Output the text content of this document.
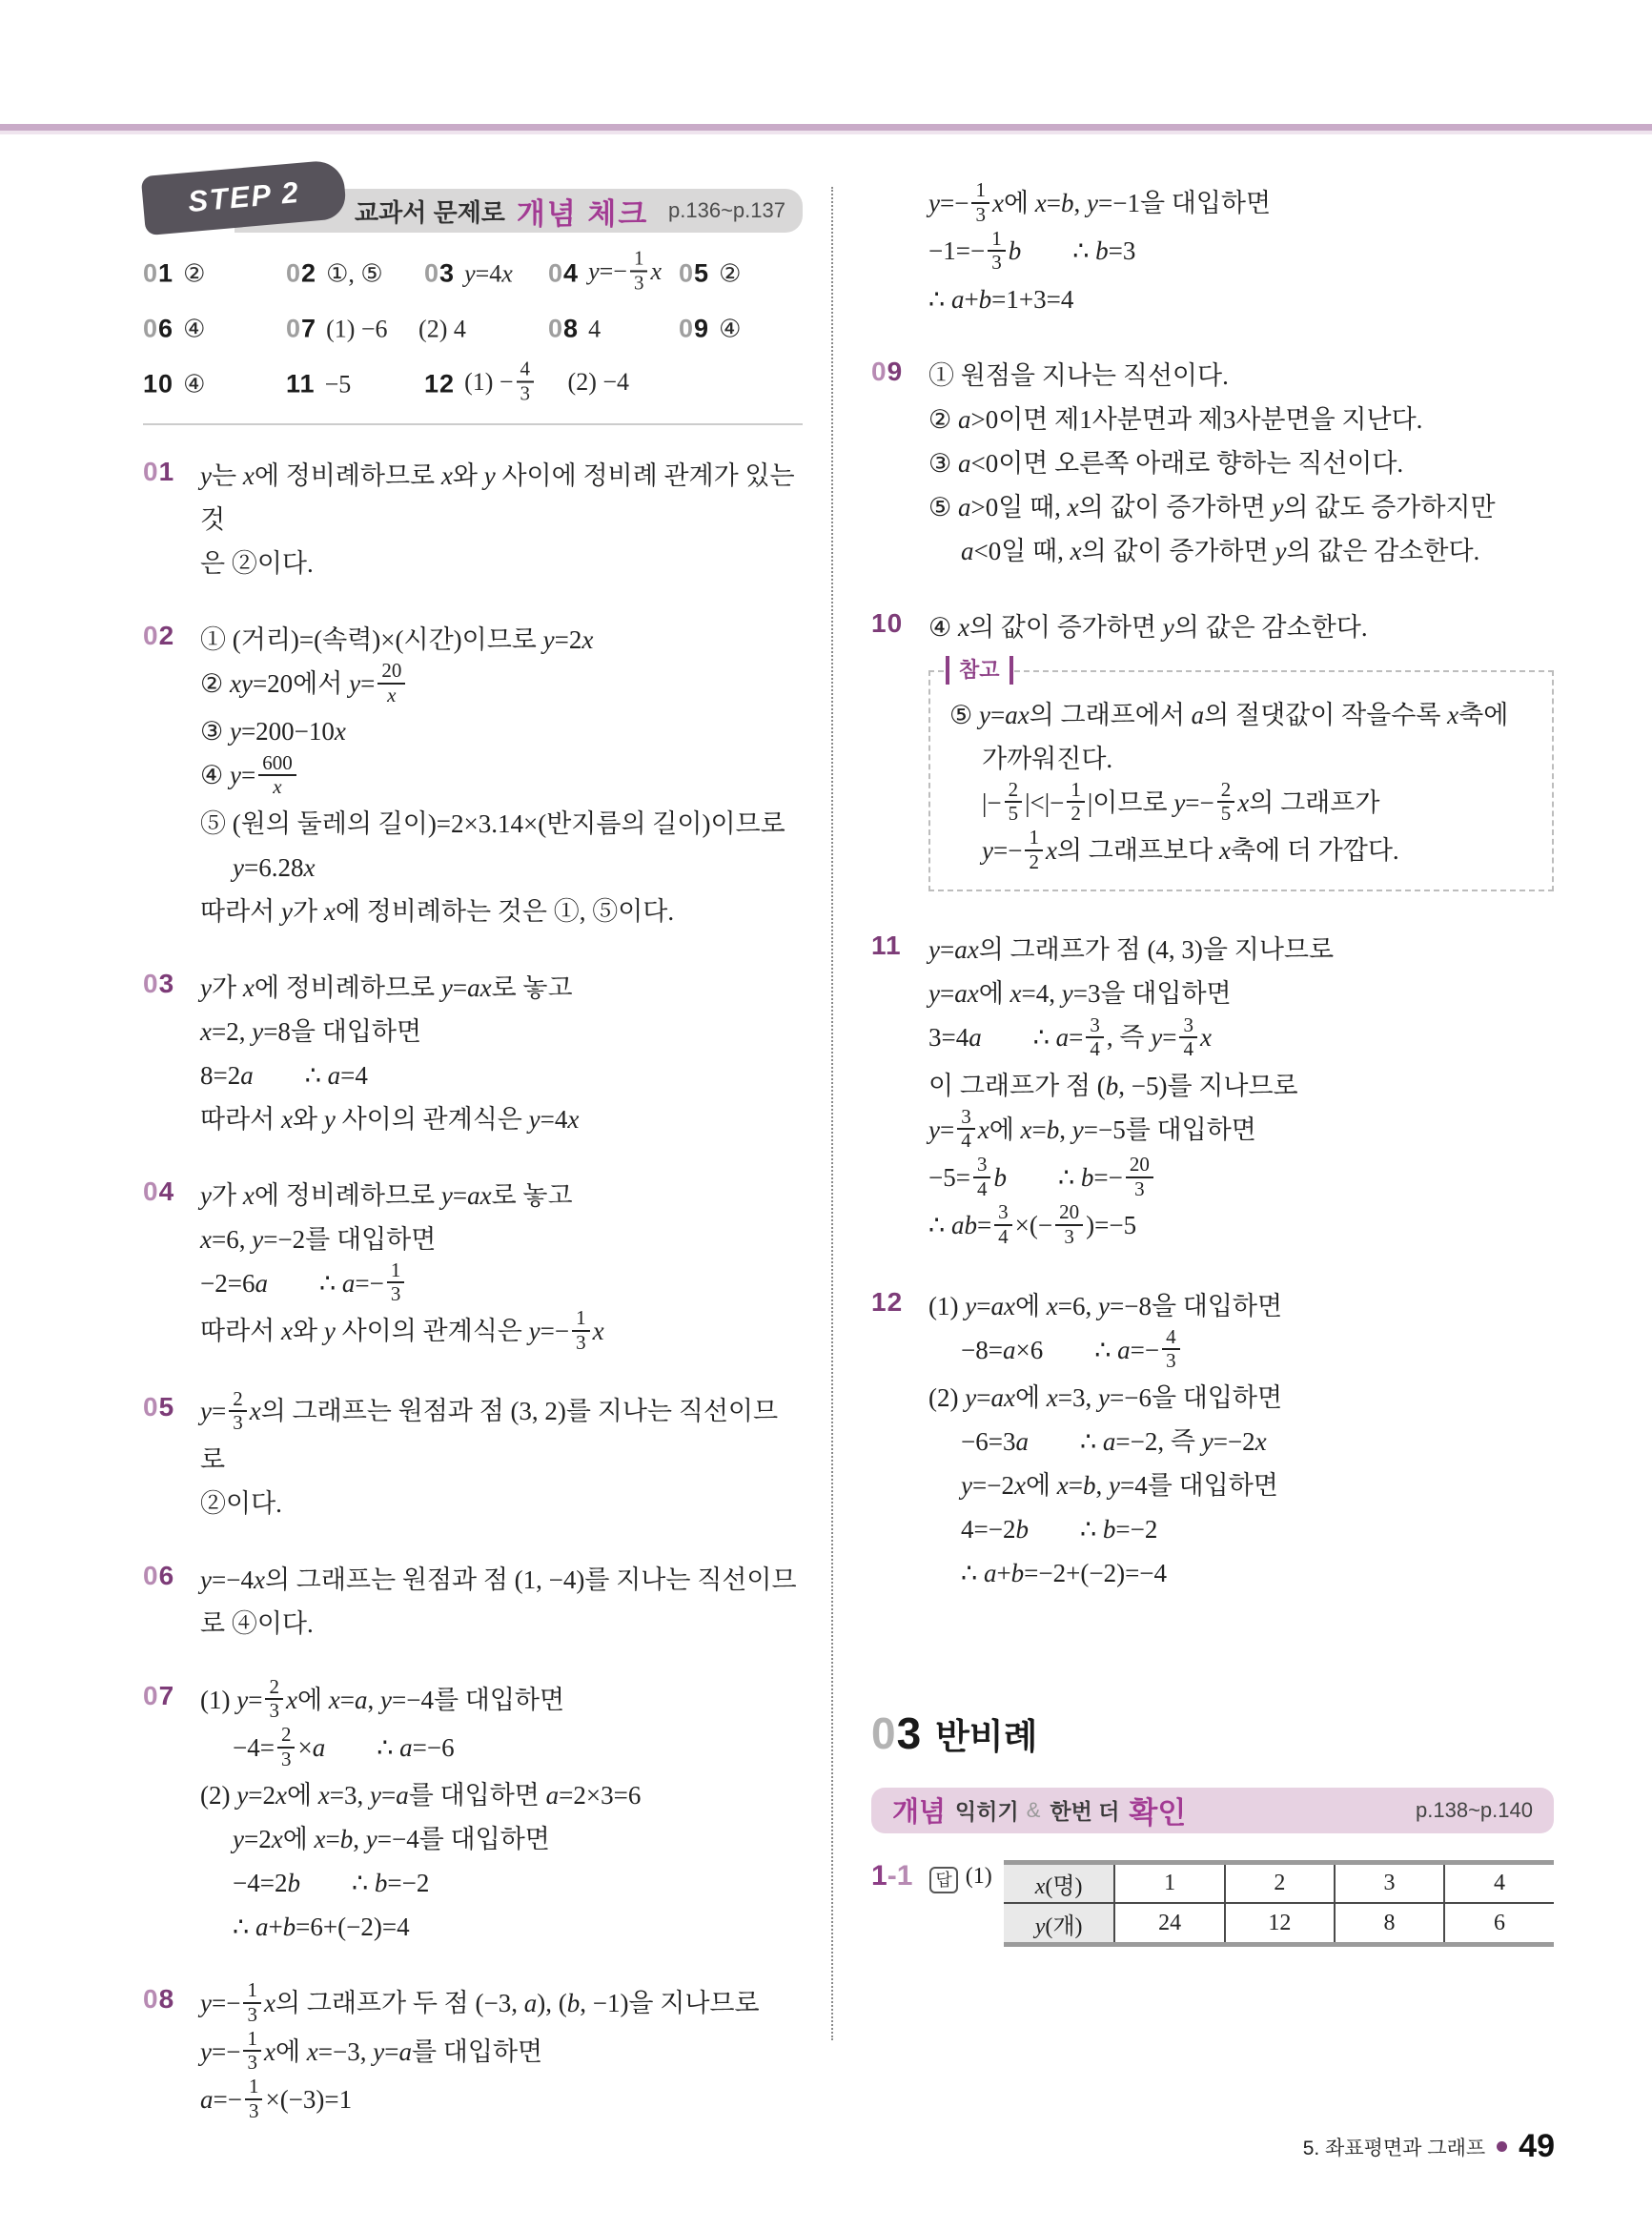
STEP 2 교과서 문제로 개념 체크 p.136~p.137
01 ②	02 ①, ⑤ 03 y=4x 04 $y=- \frac{1}{3}$ x 05 ②
06 ④	07 (1) −6  (2) 4	08 4	09 ④
10 ④	11 −5	12 $(1) - \frac{4}{3}$  (2) −4
01 y는 x에 정비례하므로 x와 y 사이에 정비례 관계가 있는 것
은 ②이다.
02 ① (거리)=(속력)×(시간)이므로 y=2x
② xy=20에서 $y= \frac{20}{x}$
③ y=200−10x
④ $y= \frac{600}{x}$
⑤ (원의 둘레의 길이)=2×3.14×(반지름의 길이)이므로
y=6.28x
따라서 y가 x에 정비례하는 것은 ①, ⑤이다.
03 y가 x에 정비례하므로 y=ax로 놓고
x=2, y=8을 대입하면
8=2a  ∴ a=4
따라서 x와 y 사이의 관계식은 y=4x
04 y가 x에 정비례하므로 y=ax로 놓고
x=6, y=−2를 대입하면
−2=6a  ∴ $a=- \frac{1}{3}$
따라서 x와 y 사이의 관계식은 $y=- \frac{1}{3}$ x
05 $y= \frac{2}{3}$ x의 그래프는 원점과 점 (3, 2)를 지나는 직선이므로
②이다.
06 y=−4x의 그래프는 원점과 점 (1, −4)를 지나는 직선이므
로 ④이다.
07 (1) $y= \frac{2}{3}$ x에 x=a, y=−4를 대입하면
$-4= \frac{2}{3} \times a$  ∴ a=−6
(2) y=2x에 x=3, y=a를 대입하면 a=2×3=6
y=2x에 x=b, y=−4를 대입하면
−4=2b  ∴ b=−2
∴ a+b=6+(−2)=4
08 $y=- \frac{1}{3}$ x의 그래프가 두 점 (−3, a), (b, −1)을 지나므로
$y=- \frac{1}{3}$ x에 x=−3, y=a를 대입하면
$a=- \frac{1}{3} \times(-3)=1$
$y=- \frac{1}{3}$ x에 x=b, y=−1을 대입하면
$-1=- \frac{1}{3}$ b  ∴ b=3
∴ a+b=1+3=4
09 ① 원점을 지나는 직선이다.
② a>0이면 제1사분면과 제3사분면을 지난다.
③ a<0이면 오른쪽 아래로 향하는 직선이다.
⑤ a>0일 때, x의 값이 증가하면 y의 값도 증가하지만
a<0일 때, x의 값이 증가하면 y의 값은 감소한다.
10 ④ x의 값이 증가하면 y의 값은 감소한다.
참고
⑤ y=ax의 그래프에서 a의 절댓값이 작을수록 x축에
가까워진다.
|− $\frac{2}{5}$ |<|− $\frac{1}{2}$ |이므로 $y=- \frac{2}{5}$ x의 그래프가
$y=- \frac{1}{2}$ x의 그래프보다 x축에 더 가깝다.
11	y=ax의 그래프가 점 (4, 3)을 지나므로
y=ax에 x=4, y=3을 대입하면
3=4a  ∴ $a= \frac{3}{4}$ , 즉 $y= \frac{3}{4}$ x
이 그래프가 점 (b, −5)를 지나므로
$y= \frac{3}{4}$ x에 x=b, y=−5를 대입하면
$-5= \frac{3}{4}$ b  ∴ $b=- \frac{20}{3}$
∴ $ab= \frac{3}{4}$ ×(− $\frac{20}{3} )=-5$
12 (1) y=ax에 x=6, y=−8을 대입하면
−8=a×6  ∴ $a=- \frac{4}{3}$
(2) y=ax에 x=3, y=−6을 대입하면
−6=3a  ∴ a=−2, 즉 y=−2x
y=−2x에 x=b, y=4를 대입하면
4=−2b  ∴ b=−2
∴ a+b=−2+(−2)=−4
03 반비례
개념 익히기 & 한번 더 확인	p.138~p.140
1-1	답 (1) x(명)	1	2	3	4
y(개)	24	12	8	6
5. 좌표평면과 그래프 49
